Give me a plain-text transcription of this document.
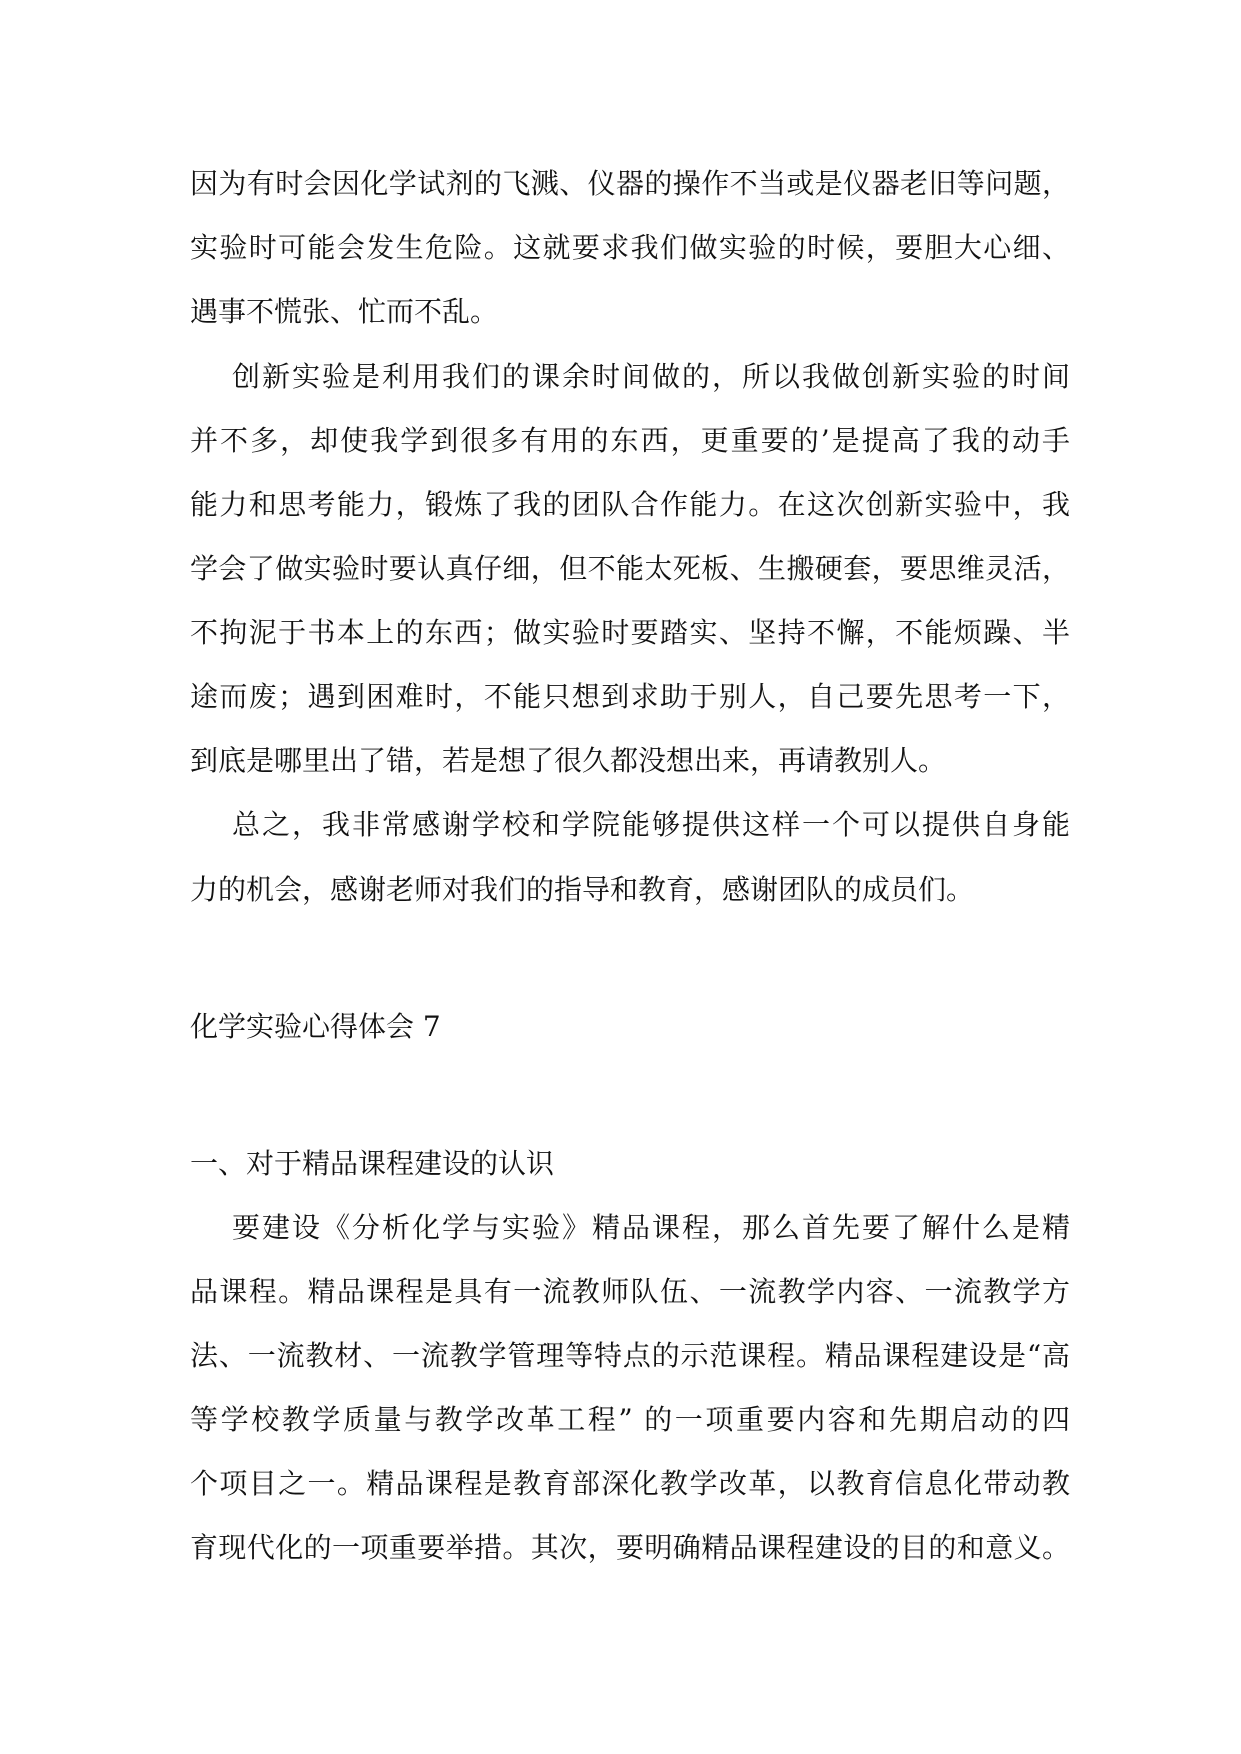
因为有时会因化学试剂的飞溅、仪器的操作不当或是仪器老旧等问题，
实验时可能会发生危险。这就要求我们做实验的时候，要胆大心细、
遇事不慌张、忙而不乱。
创新实验是利用我们的课余时间做的，所以我做创新实验的时间
并不多，却使我学到很多有用的东西，更重要的’是提高了我的动手
能力和思考能力，锻炼了我的团队合作能力。在这次创新实验中，我
学会了做实验时要认真仔细，但不能太死板、生搬硬套，要思维灵活，
不拘泥于书本上的东西；做实验时要踏实、坚持不懈，不能烦躁、半
途而废；遇到困难时，不能只想到求助于别人，自己要先思考一下，
到底是哪里出了错，若是想了很久都没想出来，再请教别人。
总之，我非常感谢学校和学院能够提供这样一个可以提供自身能
力的机会，感谢老师对我们的指导和教育，感谢团队的成员们。
化学实验心得体会 7
一、对于精品课程建设的认识
要建设《分析化学与实验》精品课程，那么首先要了解什么是精
品课程。精品课程是具有一流教师队伍、一流教学内容、一流教学方
法、一流教材、一流教学管理等特点的示范课程。精品课程建设是“高
等学校教学质量与教学改革工程” 的一项重要内容和先期启动的四
个项目之一。精品课程是教育部深化教学改革，以教育信息化带动教
育现代化的一项重要举措。其次，要明确精品课程建设的目的和意义。
